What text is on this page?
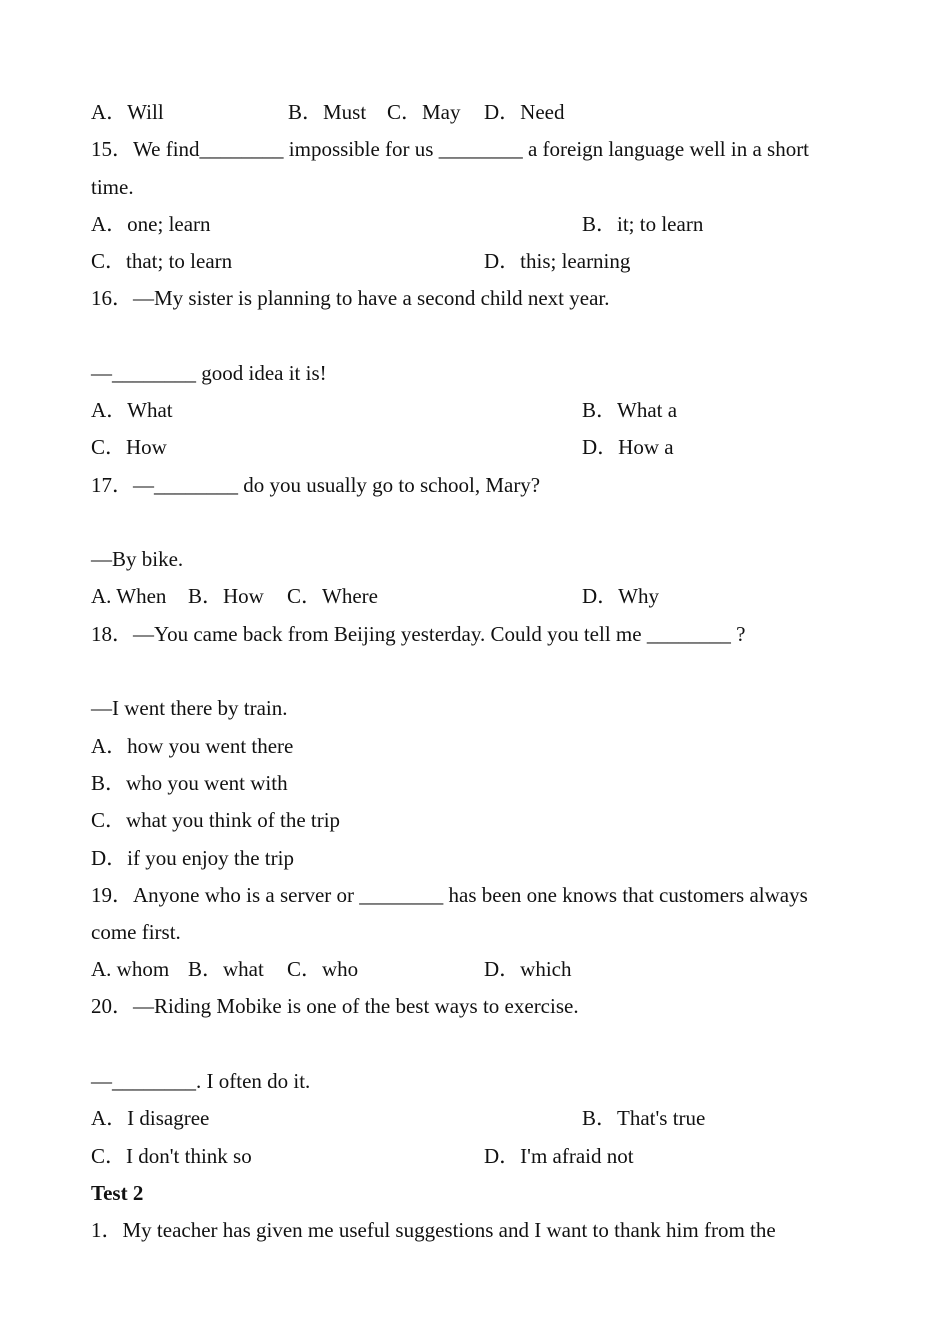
A．Will	B．Must C．May D．Need
15．We find________ impossible for us ________ a foreign language well in a short
time.
A．one; learn	B．it; to learn
C．that; to learn	D．this; learning
16．—My sister is planning to have a second child next year.
—________ good idea it is!
A．What	B．What a
C．How	D．How a
17．—________ do you usually go to school, Mary?
—By bike.
A. When B．How C．Where	D．Why
18．—You came back from Beijing yesterday. Could you tell me ________ ?
—I went there by train.
A．how you went there
B．who you went with
C．what you think of the trip
D．if you enjoy the trip
19．Anyone who is a server or ________ has been one knows that customers always
come first.
A. whom B．what C．who	D．which
20．—Riding Mobike is one of the best ways to exercise.
—________. I often do it.
A．I disagree	B．That's true
C．I don't think so	D．I'm afraid not
Test 2
1．My teacher has given me useful suggestions and I want to thank him from the
